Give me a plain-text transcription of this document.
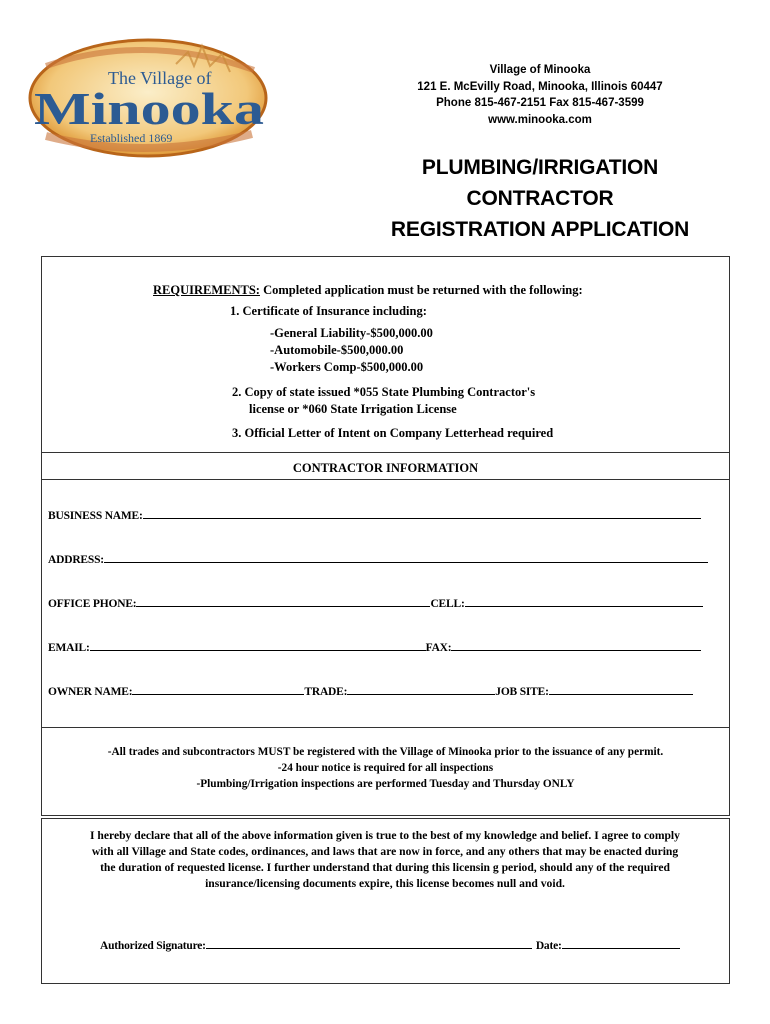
The Village of
Minooka
Established 1869
Village of Minooka
121 E. McEvilly Road, Minooka, Illinois 60447
Phone 815-467-2151 Fax 815-467-3599
www.minooka.com
PLUMBING/IRRIGATION
CONTRACTOR
REGISTRATION APPLICATION
REQUIREMENTS: Completed application must be returned with the following:
1. Certificate of Insurance including:
-General Liability-$500,000.00
-Automobile-$500,000.00
-Workers Comp-$500,000.00
2. Copy of state issued *055 State Plumbing Contractor's
license or *060 State Irrigation License
3. Official Letter of Intent on Company Letterhead required
CONTRACTOR INFORMATION
BUSINESS NAME:
ADDRESS:
OFFICE PHONE:	CELL:
EMAIL:	FAX:
OWNER NAME:	TRADE:	JOB SITE:
-All trades and subcontractors MUST be registered with the Village of Minooka prior to the issuance of any permit.
-24 hour notice is required for all inspections
-Plumbing/Irrigation inspections are performed Tuesday and Thursday ONLY
I hereby declare that all of the above information given is true to the best of my knowledge and belief. I agree to comply
with all Village and State codes, ordinances, and laws that are now in force, and any others that may be enacted during
the duration of requested license. I further understand that during this licensin g period, should any of the required
insurance/licensing documents expire, this license becomes null and void.
Authorized Signature:	Date:
